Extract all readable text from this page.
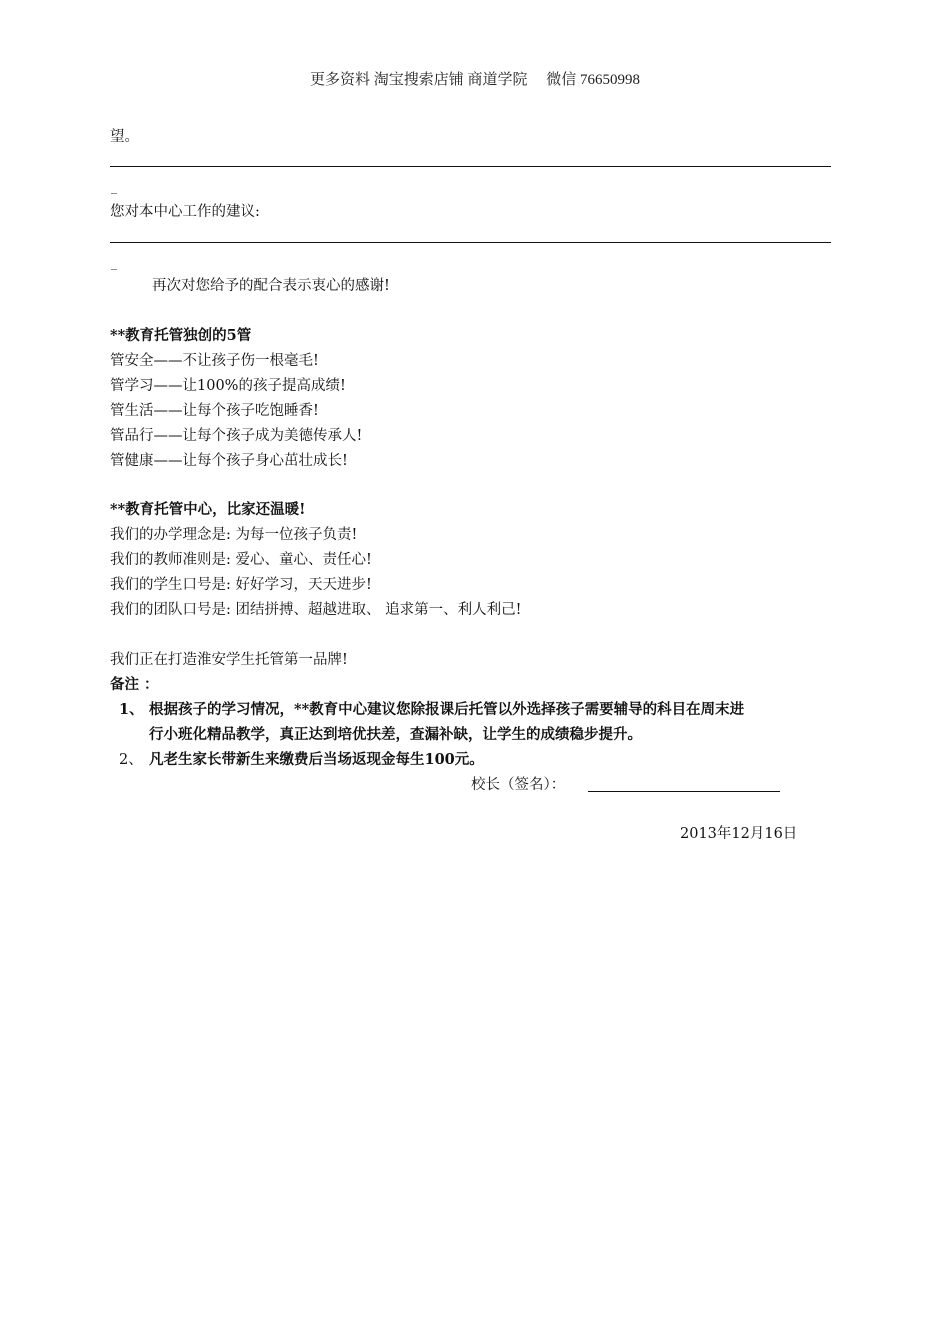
更多资料 淘宝搜索店铺 商道学院　 微信 76650998
望。
_
您对本中心工作的建议:
_
再次对您给予的配合表示衷心的感谢!
**教育托管独创的5管
管安全——不让孩子伤一根毫毛!
管学习——让100%的孩子提高成绩!
管生活——让每个孩子吃饱睡香!
管品行——让每个孩子成为美德传承人!
管健康——让每个孩子身心茁壮成长!
**教育托管中心，比家还温暖!
我们的办学理念是: 为每一位孩子负责!
我们的教师准则是: 爱心、童心、责任心!
我们的学生口号是: 好好学习，天天进步!
我们的团队口号是: 团结拼搏、超越进取、 追求第一、利人利己!
我们正在打造淮安学生托管第一品牌!
备注 ：
1、 根据孩子的学习情况，**教育中心建议您除报课后托管以外选择孩子需要辅导的科目在周末进
行小班化精品教学，真正达到培优扶差，查漏补缺，让学生的成绩稳步提升。
2、 凡老生家长带新生来缴费后当场返现金每生100元。
校长（签名）：
2013年12月16日
